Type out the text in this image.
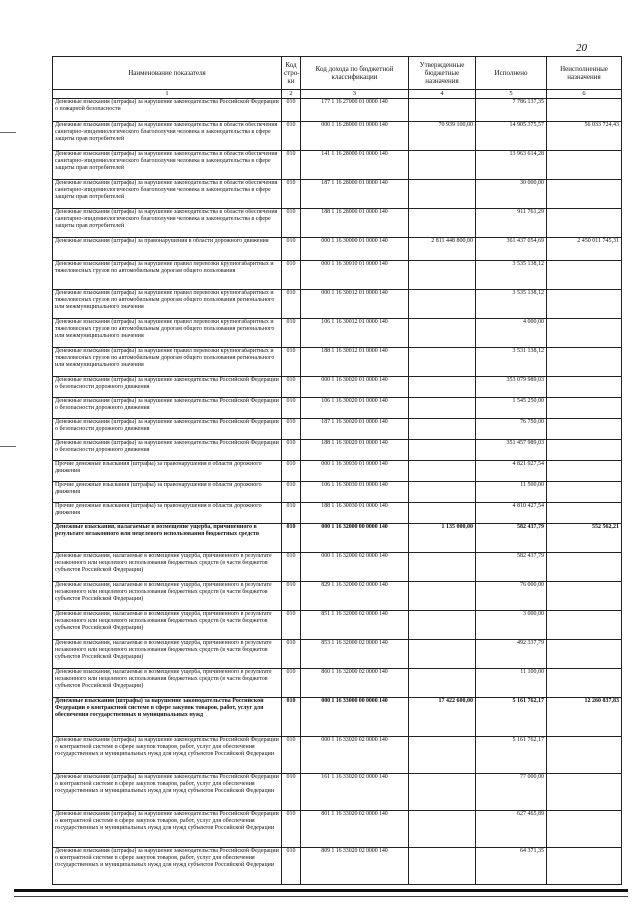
20
Наименование показателя	Код стро-ки	Код дохода по бюджетной классификации	Утвержденные бюджетные назначения	Исполнено	Неисполненные назначения
1	2	3	4	5	6
Денежные взыскания (штрафы) за нарушение законодательства Российской Федерации о пожарной безопасности	010	177 1 16 27000 01 0000 140		7 786 137,35	
Денежные взыскания (штрафы) за нарушение законодательства в области обеспечения санитарно-эпидемиологического благополучия человека и законодательства в сфере защиты прав потребителей	010	000 1 16 28000 01 0000 140	70 939 100,00	14 905 375,57	56 033 724,43
Денежные взыскания (штрафы) за нарушение законодательства в области обеспечения санитарно-эпидемиологического благополучия человека и законодательства в сфере защиты прав потребителей	010	141 1 16 28000 01 0000 140		13 963 614,28	
Денежные взыскания (штрафы) за нарушение законодательства в области обеспечения санитарно-эпидемиологического благополучия человека и законодательства в сфере защиты прав потребителей	010	187 1 16 28000 01 0000 140		30 000,00	
Денежные взыскания (штрафы) за нарушение законодательства в области обеспечения санитарно-эпидемиологического благополучия человека и законодательства в сфере защиты прав потребителей	010	188 1 16 28000 01 0000 140		911 761,29	
Денежные взыскания (штрафы) за правонарушения в области дорожного движения	010	000 1 16 30000 01 0000 140	2 811 448 800,00	361 437 054,69	2 450 011 745,31
Денежные взыскания (штрафы) за нарушение правил перевозки крупногабаритных и тяжеловесных грузов по автомобильным дорогам общего пользования	010	000 1 16 30010 01 0000 140		3 535 138,12	
Денежные взыскания (штрафы) за нарушение правил перевозки крупногабаритных и тяжеловесных грузов по автомобильным дорогам общего пользования регионального или межмуниципального значения	010	000 1 16 30012 01 0000 140		3 535 138,12	
Денежные взыскания (штрафы) за нарушение правил перевозки крупногабаритных и тяжеловесных грузов по автомобильным дорогам общего пользования регионального или межмуниципального значения	010	106 1 16 30012 01 0000 140		4 000,00	
Денежные взыскания (штрафы) за нарушение правил перевозки крупногабаритных и тяжеловесных грузов по автомобильным дорогам общего пользования регионального или межмуниципального значения	010	188 1 16 30012 01 0000 140		3 531 138,12	
Денежные взыскания (штрафы) за нарушение законодательства Российской Федерации о безопасности дорожного движения	010	000 1 16 30020 01 0000 140		353 079 989,03	
Денежные взыскания (штрафы) за нарушение законодательства Российской Федерации о безопасности дорожного движения	010	106 1 16 30020 01 0000 140		1 545 250,00	
Денежные взыскания (штрафы) за нарушение законодательства Российской Федерации о безопасности дорожного движения	010	187 1 16 30020 01 0000 140		76 750,00	
Денежные взыскания (штрафы) за нарушение законодательства Российской Федерации о безопасности дорожного движения	010	188 1 16 30020 01 0000 140		351 457 989,03	
Прочие денежные взыскания (штрафы) за правонарушения в области дорожного движения	010	000 1 16 30030 01 0000 140		4 821 927,54	
Прочие денежные взыскания (штрафы) за правонарушения в области дорожного движения	010	106 1 16 30030 01 0000 140		11 500,00	
Прочие денежные взыскания (штрафы) за правонарушения в области дорожного движения	010	188 1 16 30030 01 0000 140		4 810 427,54	
Денежные взыскания, налагаемые в возмещение ущерба, причиненного в результате незаконного или нецелевого использования бюджетных средств	010	000 1 16 32000 00 0000 140	1 135 000,00	582 437,79	552 562,21
Денежные взыскания, налагаемые в возмещение ущерба, причиненного в результате незаконного или нецелевого использования бюджетных средств (в части бюджетов субъектов Российской Федерации)	010	000 1 16 32000 02 0000 140		582 437,79	
Денежные взыскания, налагаемые в возмещение ущерба, причиненного в результате незаконного или нецелевого использования бюджетных средств (в части бюджетов субъектов Российской Федерации)	010	829 1 16 32000 02 0000 140		76 000,00	
Денежные взыскания, налагаемые в возмещение ущерба, причиненного в результате незаконного или нецелевого использования бюджетных средств (в части бюджетов субъектов Российской Федерации)	010	851 1 16 32000 02 0000 140		3 000,00	
Денежные взыскания, налагаемые в возмещение ущерба, причиненного в результате незаконного или нецелевого использования бюджетных средств (в части бюджетов субъектов Российской Федерации)	010	853 1 16 32000 02 0000 140		492 337,79	
Денежные взыскания, налагаемые в возмещение ущерба, причиненного в результате незаконного или нецелевого использования бюджетных средств (в части бюджетов субъектов Российской Федерации)	010	860 1 16 32000 02 0000 140		11 100,00	
Денежные взыскания (штрафы) за нарушение законодательства Российской Федерации о контрактной системе в сфере закупок товаров, работ, услуг для обеспечения государственных и муниципальных нужд	010	000 1 16 33000 00 0000 140	17 422 600,00	5 161 762,17	12 260 837,83
Денежные взыскания (штрафы) за нарушение законодательства Российской Федерации о контрактной системе в сфере закупок товаров, работ, услуг для обеспечения государственных и муниципальных нужд для нужд субъектов Российской Федерации	010	000 1 16 33020 02 0000 140		5 161 762,17	
Денежные взыскания (штрафы) за нарушение законодательства Российской Федерации о контрактной системе в сфере закупок товаров, работ, услуг для обеспечения государственных и муниципальных нужд для нужд субъектов Российской Федерации	010	161 1 16 33020 02 0000 140		77 000,00	
Денежные взыскания (штрафы) за нарушение законодательства Российской Федерации о контрактной системе в сфере закупок товаров, работ, услуг для обеспечения государственных и муниципальных нужд для нужд субъектов Российской Федерации	010	801 1 16 33020 02 0000 140		627 465,89	
Денежные взыскания (штрафы) за нарушение законодательства Российской Федерации о контрактной системе в сфере закупок товаров, работ, услуг для обеспечения государственных и муниципальных нужд для нужд субъектов Российской Федерации	010	809 1 16 33020 02 0000 140		64 371,35	
